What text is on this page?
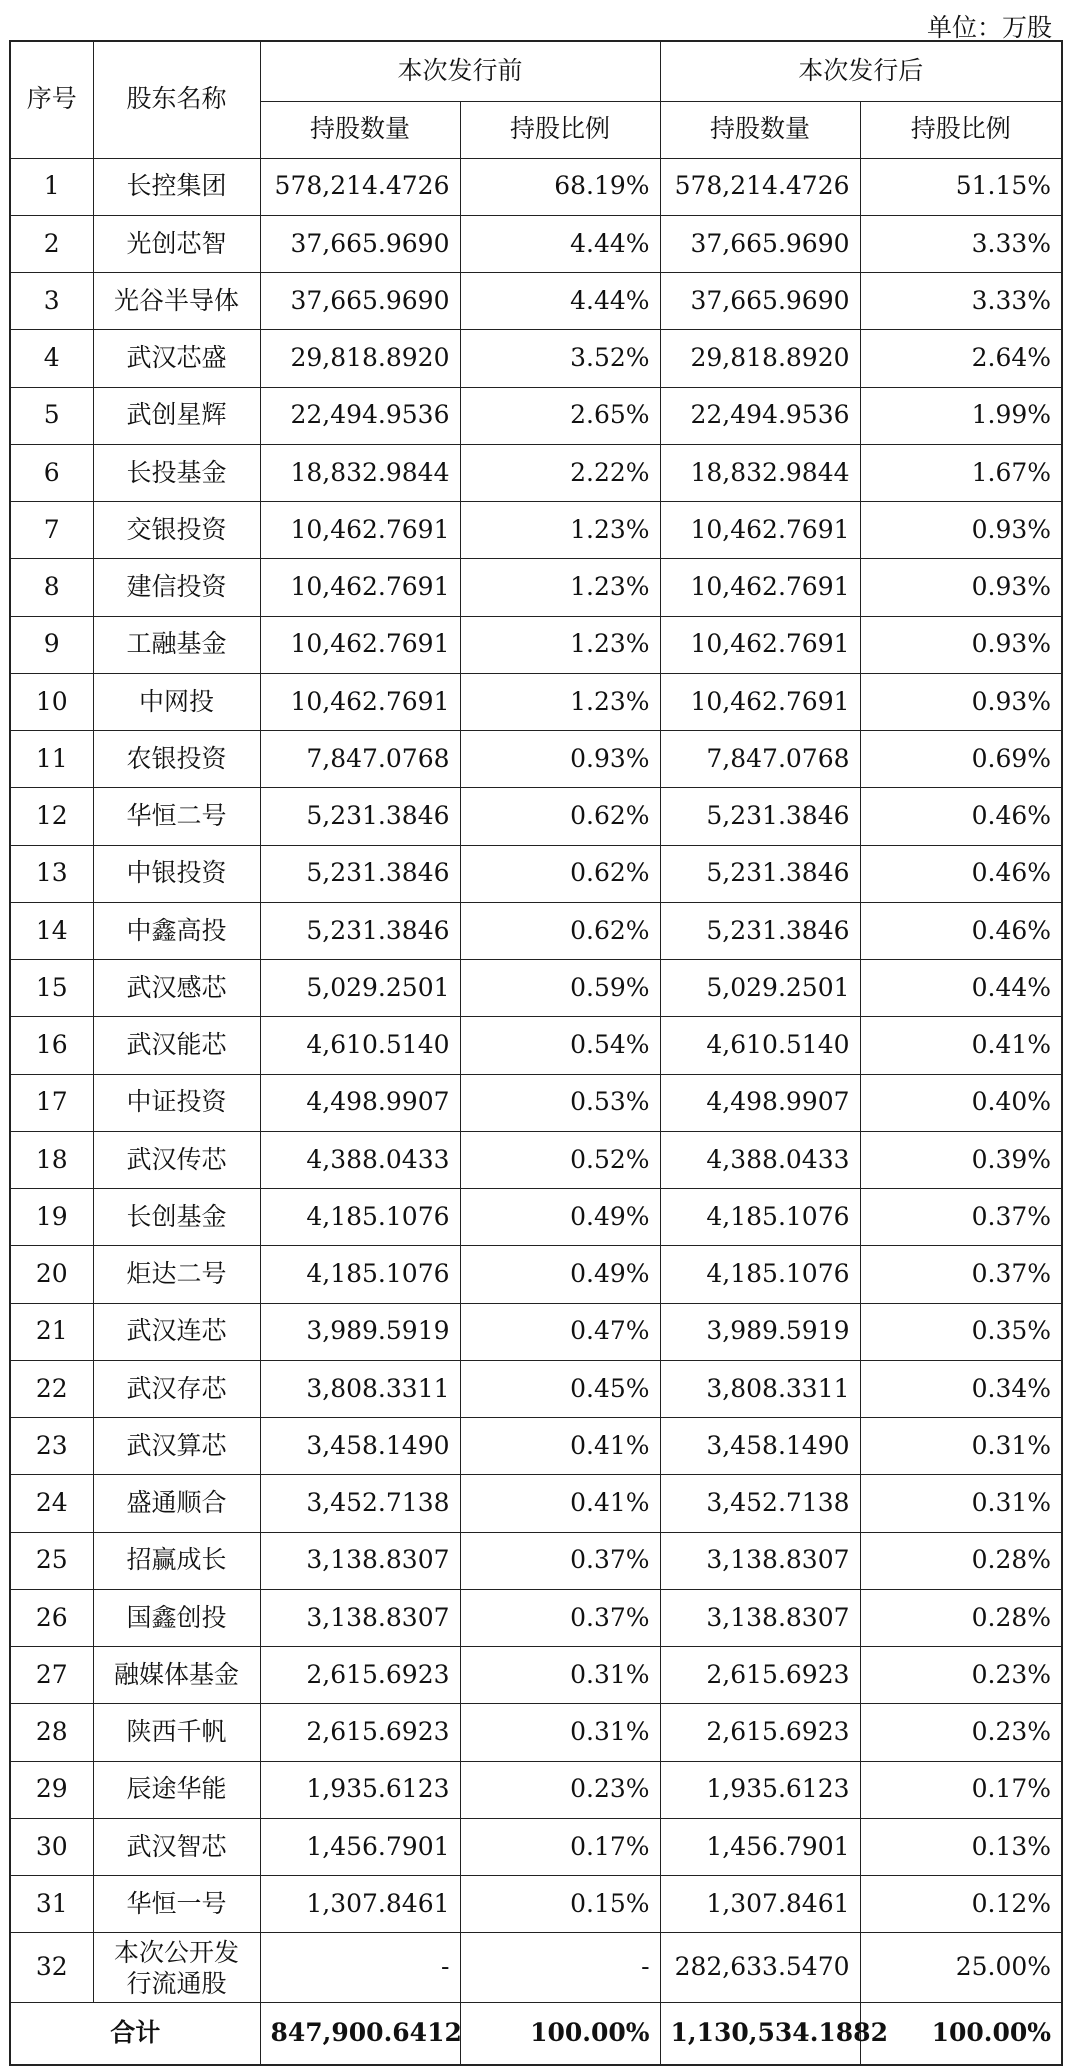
单位：万股
序号	股东名称	本次发行前		本次发行后	
		持股数量	持股比例	持股数量	持股比例
1	长控集团	578,214.4726	68.19%	578,214.4726	51.15%
2	光创芯智	37,665.9690	4.44%	37,665.9690	3.33%
3	光谷半导体	37,665.9690	4.44%	37,665.9690	3.33%
4	武汉芯盛	29,818.8920	3.52%	29,818.8920	2.64%
5	武创星辉	22,494.9536	2.65%	22,494.9536	1.99%
6	长投基金	18,832.9844	2.22%	18,832.9844	1.67%
7	交银投资	10,462.7691	1.23%	10,462.7691	0.93%
8	建信投资	10,462.7691	1.23%	10,462.7691	0.93%
9	工融基金	10,462.7691	1.23%	10,462.7691	0.93%
10	中网投	10,462.7691	1.23%	10,462.7691	0.93%
11	农银投资	7,847.0768	0.93%	7,847.0768	0.69%
12	华恒二号	5,231.3846	0.62%	5,231.3846	0.46%
13	中银投资	5,231.3846	0.62%	5,231.3846	0.46%
14	中鑫高投	5,231.3846	0.62%	5,231.3846	0.46%
15	武汉感芯	5,029.2501	0.59%	5,029.2501	0.44%
16	武汉能芯	4,610.5140	0.54%	4,610.5140	0.41%
17	中证投资	4,498.9907	0.53%	4,498.9907	0.40%
18	武汉传芯	4,388.0433	0.52%	4,388.0433	0.39%
19	长创基金	4,185.1076	0.49%	4,185.1076	0.37%
20	炬达二号	4,185.1076	0.49%	4,185.1076	0.37%
21	武汉连芯	3,989.5919	0.47%	3,989.5919	0.35%
22	武汉存芯	3,808.3311	0.45%	3,808.3311	0.34%
23	武汉算芯	3,458.1490	0.41%	3,458.1490	0.31%
24	盛通顺合	3,452.7138	0.41%	3,452.7138	0.31%
25	招赢成长	3,138.8307	0.37%	3,138.8307	0.28%
26	国鑫创投	3,138.8307	0.37%	3,138.8307	0.28%
27	融媒体基金	2,615.6923	0.31%	2,615.6923	0.23%
28	陕西千帆	2,615.6923	0.31%	2,615.6923	0.23%
29	辰途华能	1,935.6123	0.23%	1,935.6123	0.17%
30	武汉智芯	1,456.7901	0.17%	1,456.7901	0.13%
31	华恒一号	1,307.8461	0.15%	1,307.8461	0.12%
32	本次公开发行流通股	-	-	282,633.5470	25.00%
合计		847,900.6412	100.00%	1,130,534.1882	100.00%
